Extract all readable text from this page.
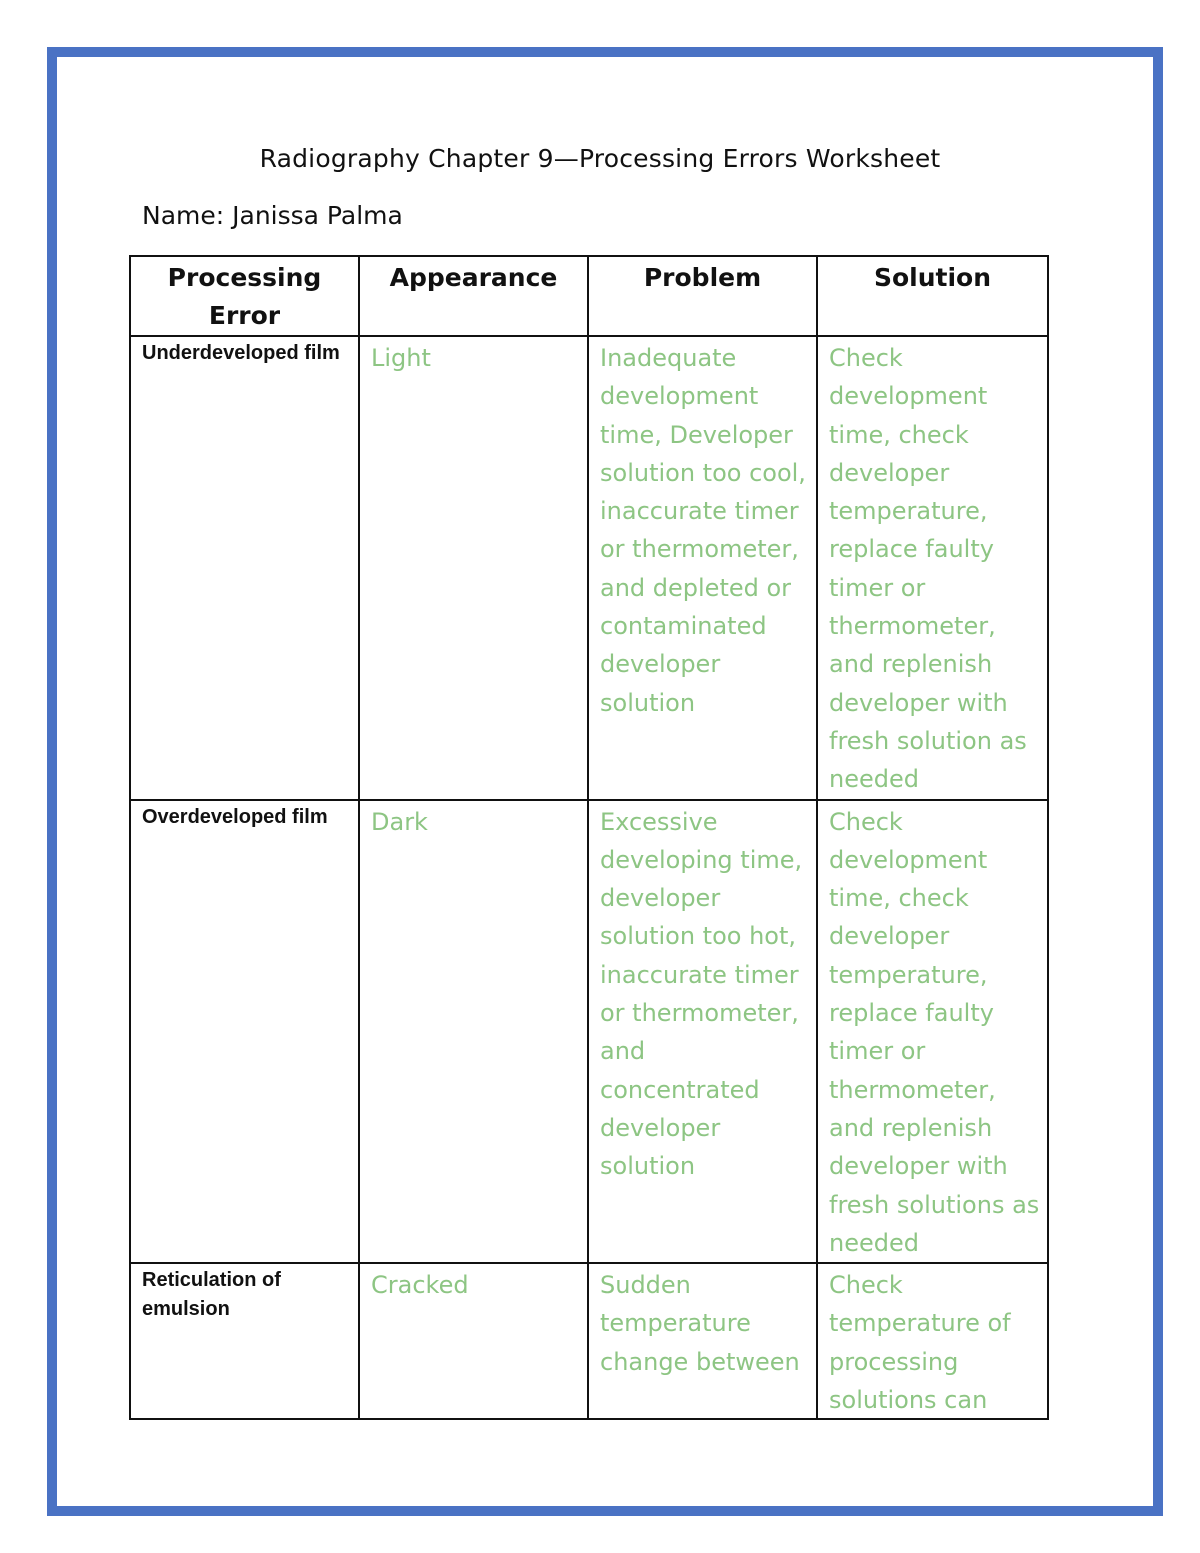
Radiography Chapter 9—Processing Errors Worksheet
Name: Janissa Palma
Processing Error	Appearance	Problem	Solution
Underdeveloped film	Light	Inadequate development time, Developer solution too cool, inaccurate timer or thermometer, and depleted or contaminated developer solution	Check development time, check developer temperature, replace faulty timer or thermometer, and replenish developer with fresh solution as needed
Overdeveloped film	Dark	Excessive developing time, developer solution too hot, inaccurate timer or thermometer, and concentrated developer solution	Check development time, check developer temperature, replace faulty timer or thermometer, and replenish developer with fresh solutions as needed

Reticulation of emulsion	Cracked	Sudden temperature change between	Check temperature of processing solutions can
